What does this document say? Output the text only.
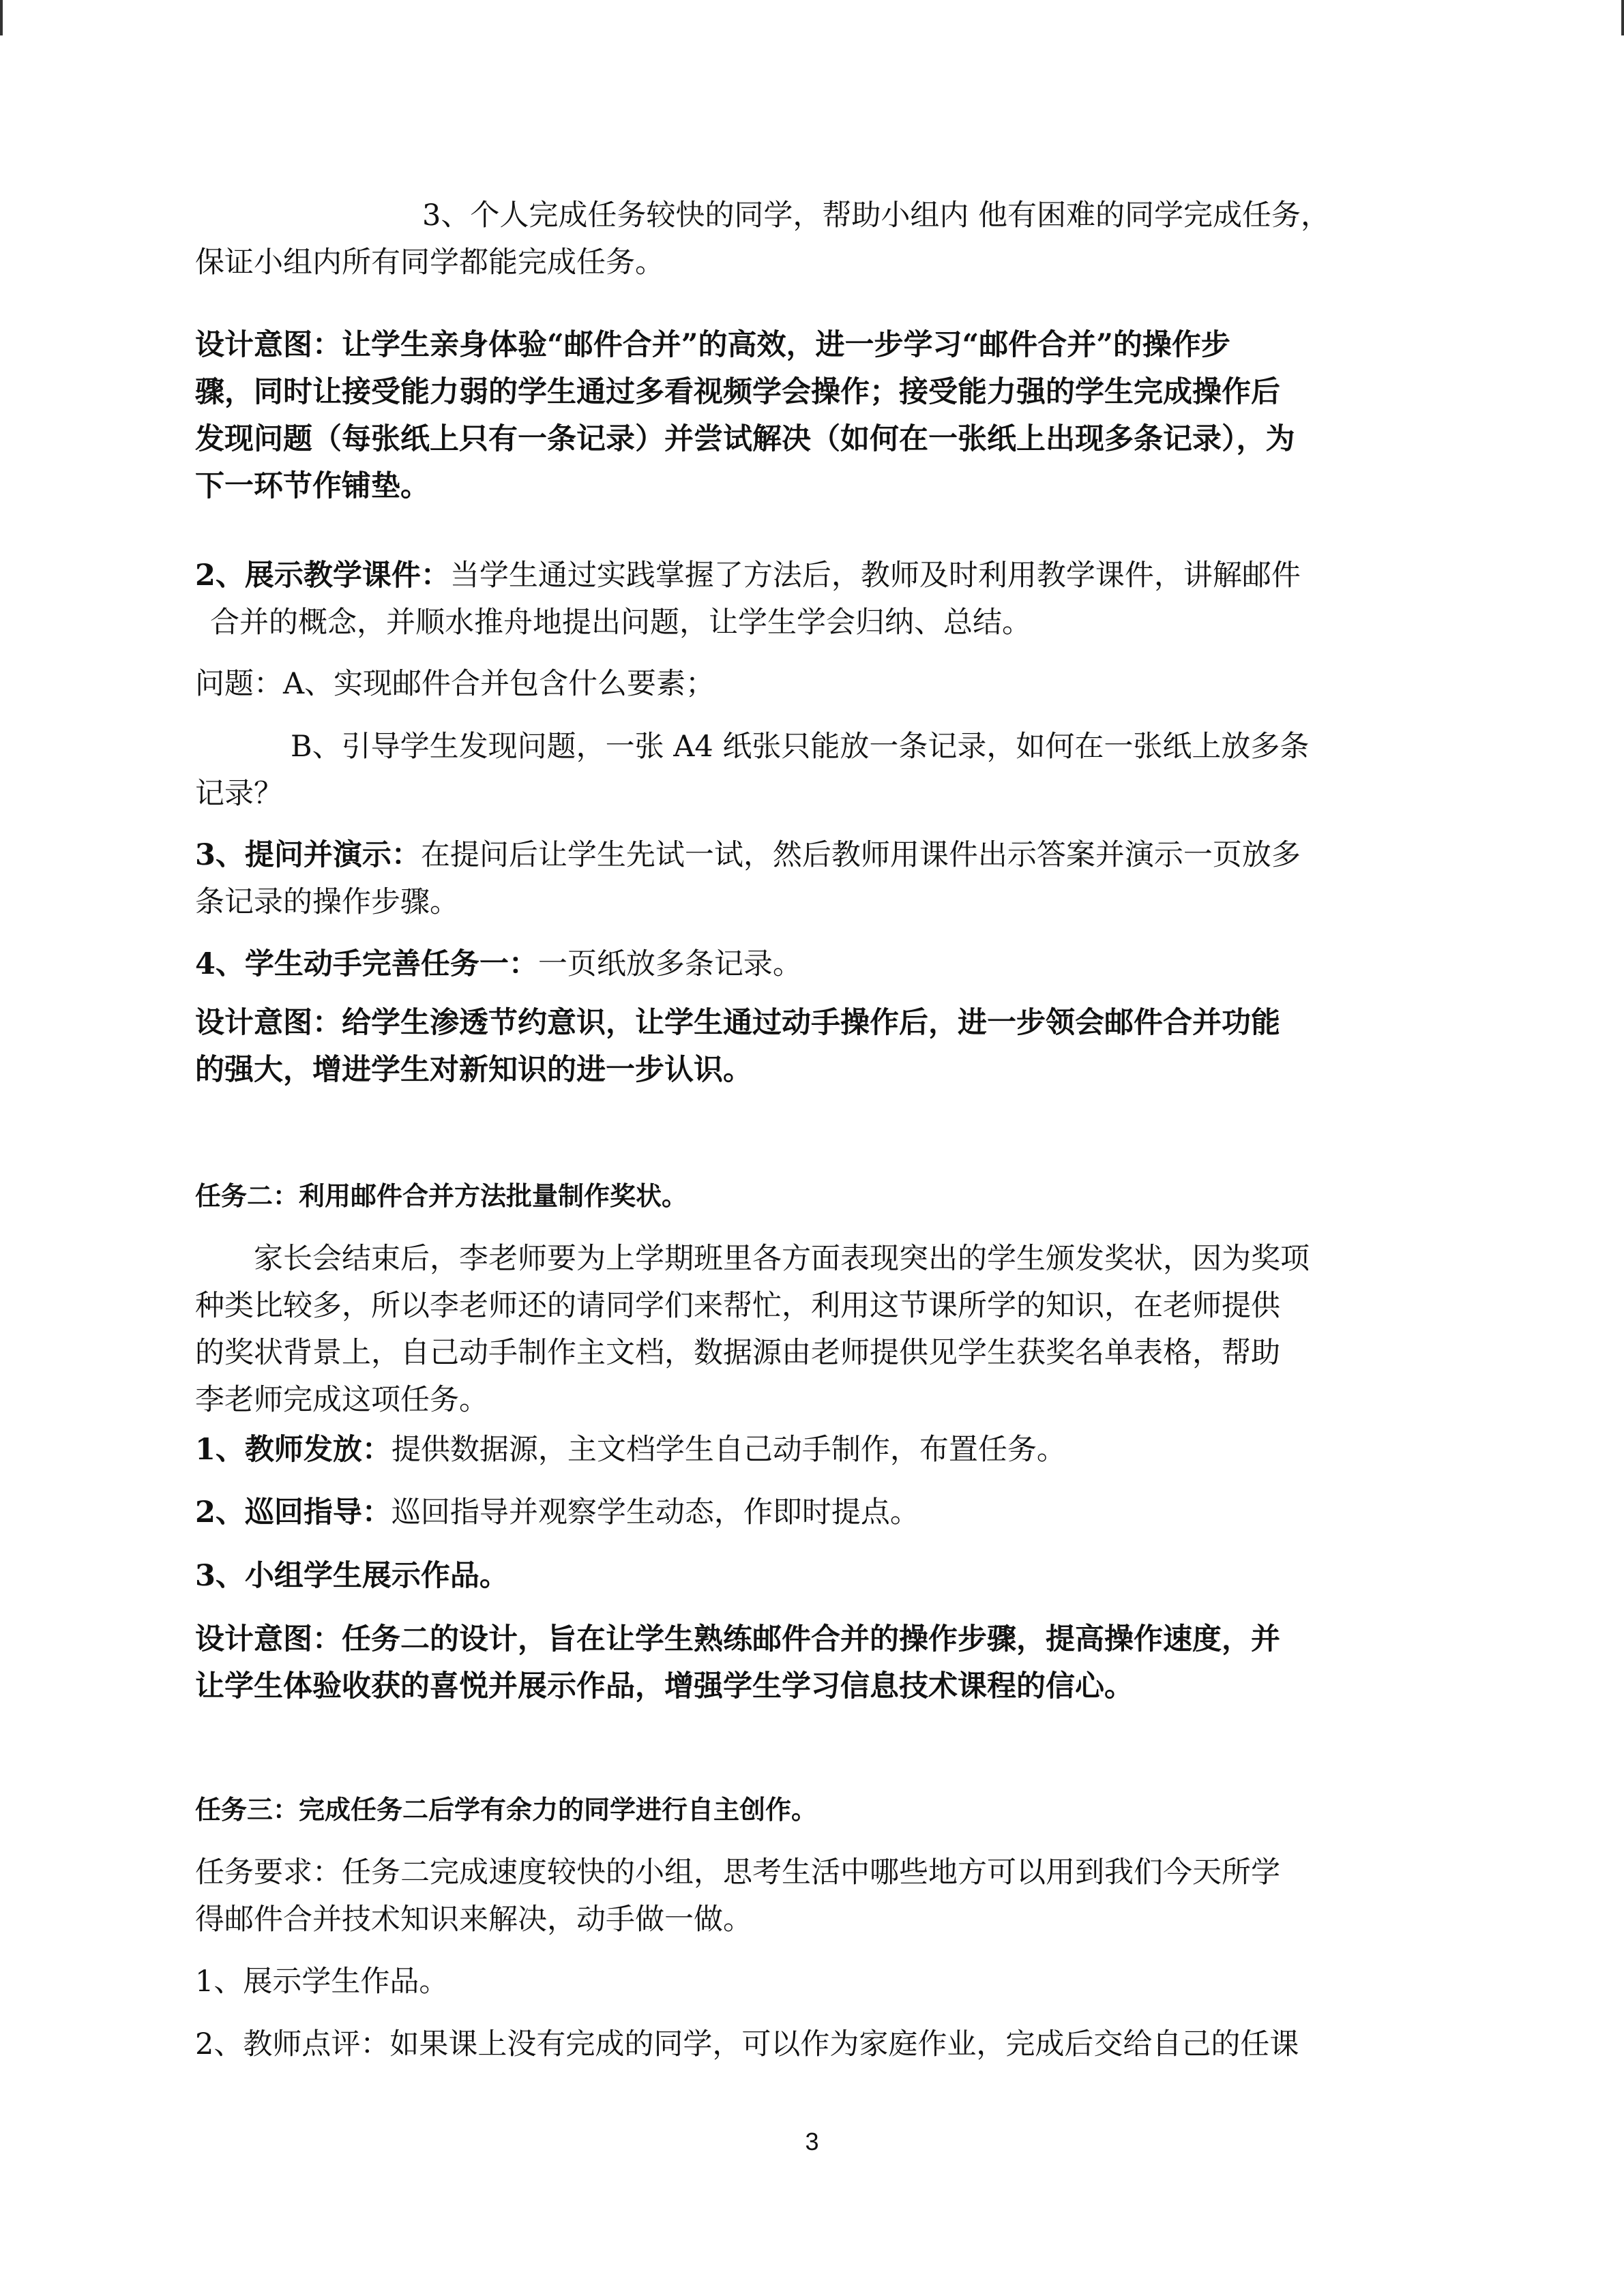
3、个人完成任务较快的同学，帮助小组内 他有困难的同学完成任务，
保证小组内所有同学都能完成任务。
设计意图：让学生亲身体验“邮件合并”的高效，进一步学习“邮件合并”的操作步
骤，同时让接受能力弱的学生通过多看视频学会操作；接受能力强的学生完成操作后
发现问题（每张纸上只有一条记录）并尝试解决（如何在一张纸上出现多条记录），为
下一环节作铺垫。
2、展示教学课件：当学生通过实践掌握了方法后，教师及时利用教学课件，讲解邮件
合并的概念，并顺水推舟地提出问题，让学生学会归纳、总结。
问题：A、实现邮件合并包含什么要素；
B、引导学生发现问题，一张 A4 纸张只能放一条记录，如何在一张纸上放多条
记录？
3、提问并演示：在提问后让学生先试一试，然后教师用课件出示答案并演示一页放多
条记录的操作步骤。
4、学生动手完善任务一：一页纸放多条记录。
设计意图：给学生渗透节约意识，让学生通过动手操作后，进一步领会邮件合并功能
的强大，增进学生对新知识的进一步认识。
任务二：利用邮件合并方法批量制作奖状。
家长会结束后，李老师要为上学期班里各方面表现突出的学生颁发奖状，因为奖项
种类比较多，所以李老师还的请同学们来帮忙，利用这节课所学的知识，在老师提供
的奖状背景上，自己动手制作主文档，数据源由老师提供见学生获奖名单表格，帮助
李老师完成这项任务。
1、教师发放：提供数据源，主文档学生自己动手制作，布置任务。
2、巡回指导：巡回指导并观察学生动态，作即时提点。
3、小组学生展示作品。
设计意图：任务二的设计，旨在让学生熟练邮件合并的操作步骤，提高操作速度，并
让学生体验收获的喜悦并展示作品，增强学生学习信息技术课程的信心。
任务三：完成任务二后学有余力的同学进行自主创作。
任务要求：任务二完成速度较快的小组，思考生活中哪些地方可以用到我们今天所学
得邮件合并技术知识来解决，动手做一做。
1、展示学生作品。
2、教师点评：如果课上没有完成的同学，可以作为家庭作业，完成后交给自己的任课
3
